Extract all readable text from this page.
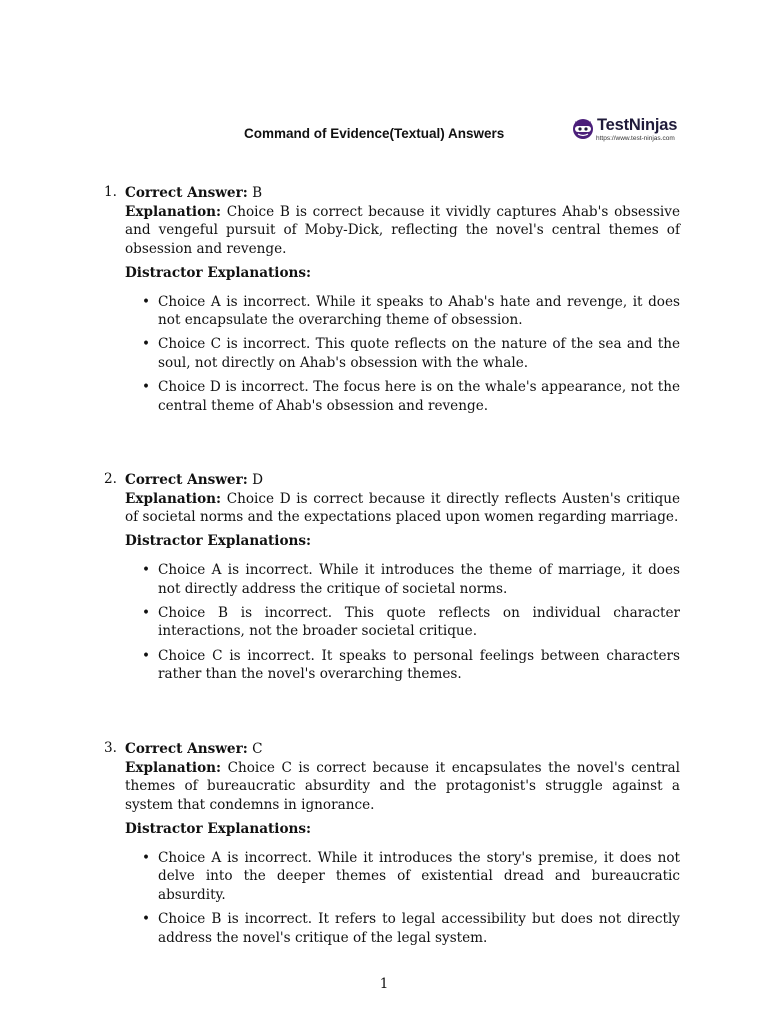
Command of Evidence(Textual) Answers	TestNinjas
https://www.test-ninjas.com
1. Correct Answer: B
Explanation: Choice B is correct because it vividly captures Ahab's obsessive and vengeful pursuit of Moby-Dick, reflecting the novel's central themes of obsession and revenge.
Distractor Explanations:
• Choice A is incorrect. While it speaks to Ahab's hate and revenge, it does not encapsulate the overarching theme of obsession.
• Choice C is incorrect. This quote reflects on the nature of the sea and the soul, not directly on Ahab's obsession with the whale.
• Choice D is incorrect. The focus here is on the whale's appearance, not the central theme of Ahab's obsession and revenge.
2. Correct Answer: D
Explanation: Choice D is correct because it directly reflects Austen's critique of societal norms and the expectations placed upon women regarding marriage.
Distractor Explanations:
• Choice A is incorrect. While it introduces the theme of marriage, it does not directly address the critique of societal norms.
• Choice B is incorrect. This quote reflects on individual character interactions, not the broader societal critique.
• Choice C is incorrect. It speaks to personal feelings between characters rather than the novel's overarching themes.
3. Correct Answer: C
Explanation: Choice C is correct because it encapsulates the novel's central themes of bureaucratic absurdity and the protagonist's struggle against a system that condemns in ignorance.
Distractor Explanations:
• Choice A is incorrect. While it introduces the story's premise, it does not delve into the deeper themes of existential dread and bureaucratic absurdity.
• Choice B is incorrect. It refers to legal accessibility but does not directly address the novel's critique of the legal system.
1
